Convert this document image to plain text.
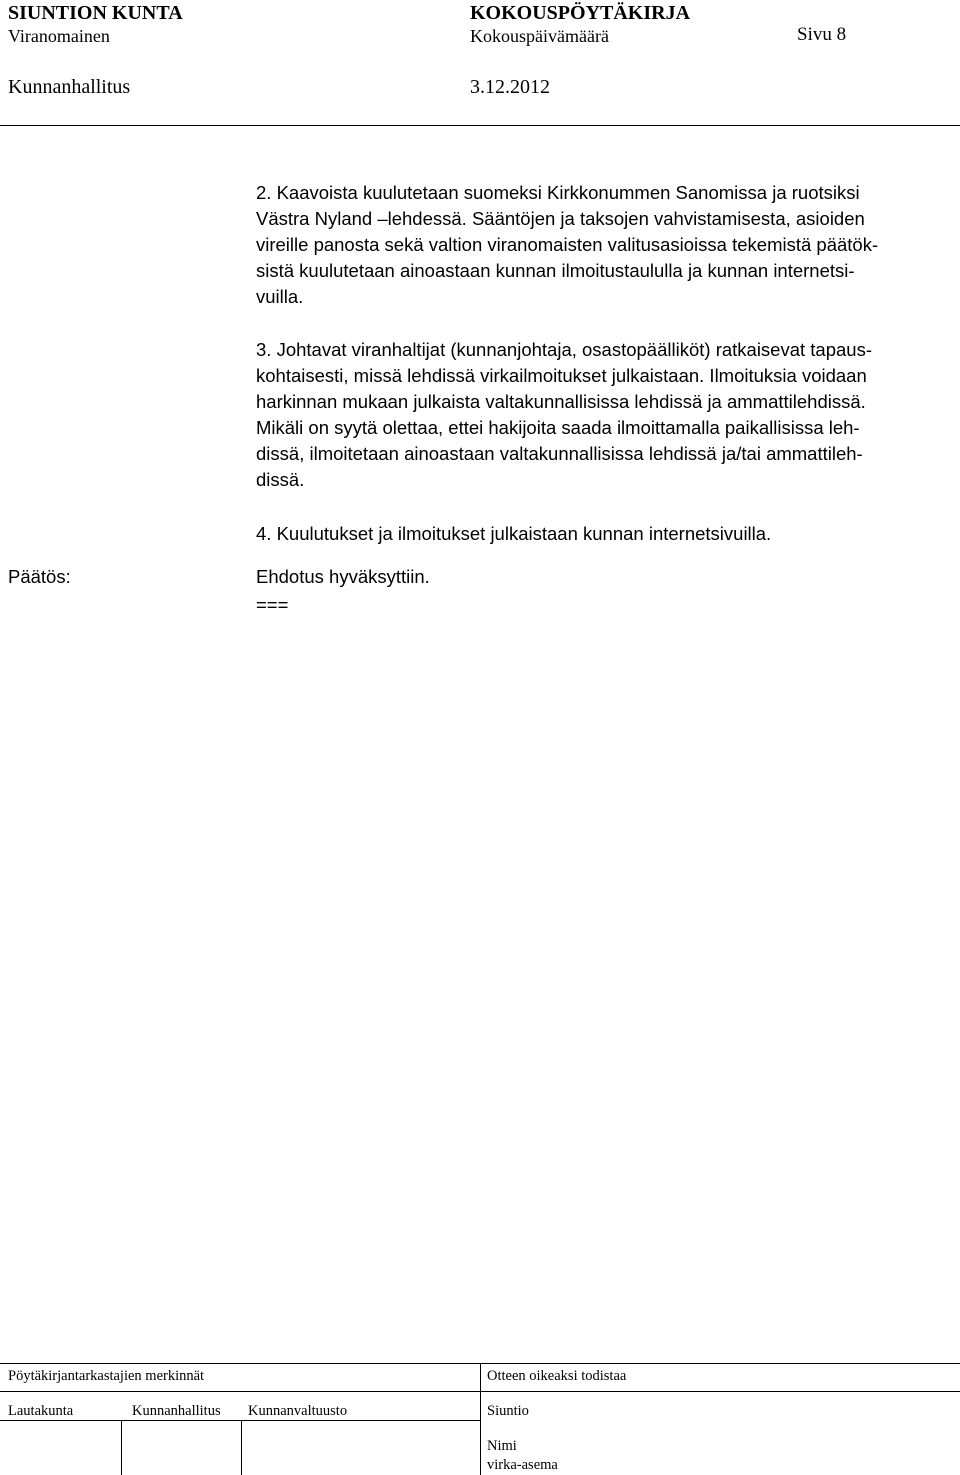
SIUNTION KUNTA	KOKOUSPÖYTÄKIRJA
Viranomainen	Kokouspäivämäärä	Sivu 8
Kunnanhallitus	3.12.2012
2. Kaavoista kuulutetaan suomeksi Kirkkonummen Sanomissa ja ruotsiksi
Västra Nyland –lehdessä. Sääntöjen ja taksojen vahvistamisesta, asioiden
vireille panosta sekä valtion viranomaisten valitusasioissa tekemistä päätök-
sistä kuulutetaan ainoastaan kunnan ilmoitustaululla ja kunnan internetsi-
vuilla.
3. Johtavat viranhaltijat (kunnanjohtaja, osastopäälliköt) ratkaisevat tapaus-
kohtaisesti, missä lehdissä virkailmoitukset julkaistaan. Ilmoituksia voidaan
harkinnan mukaan julkaista valtakunnallisissa lehdissä ja ammattilehdissä.
Mikäli on syytä olettaa, ettei hakijoita saada ilmoittamalla paikallisissa leh-
dissä, ilmoitetaan ainoastaan valtakunnallisissa lehdissä ja/tai ammattileh-
dissä.
4. Kuulutukset ja ilmoitukset julkaistaan kunnan internetsivuilla.
Päätös:	Ehdotus hyväksyttiin.
===
Pöytäkirjantarkastajien merkinnät	Otteen oikeaksi todistaa
Lautakunta	Kunnanhallitus Kunnanvaltuusto	Siuntio
Nimi
virka-asema
